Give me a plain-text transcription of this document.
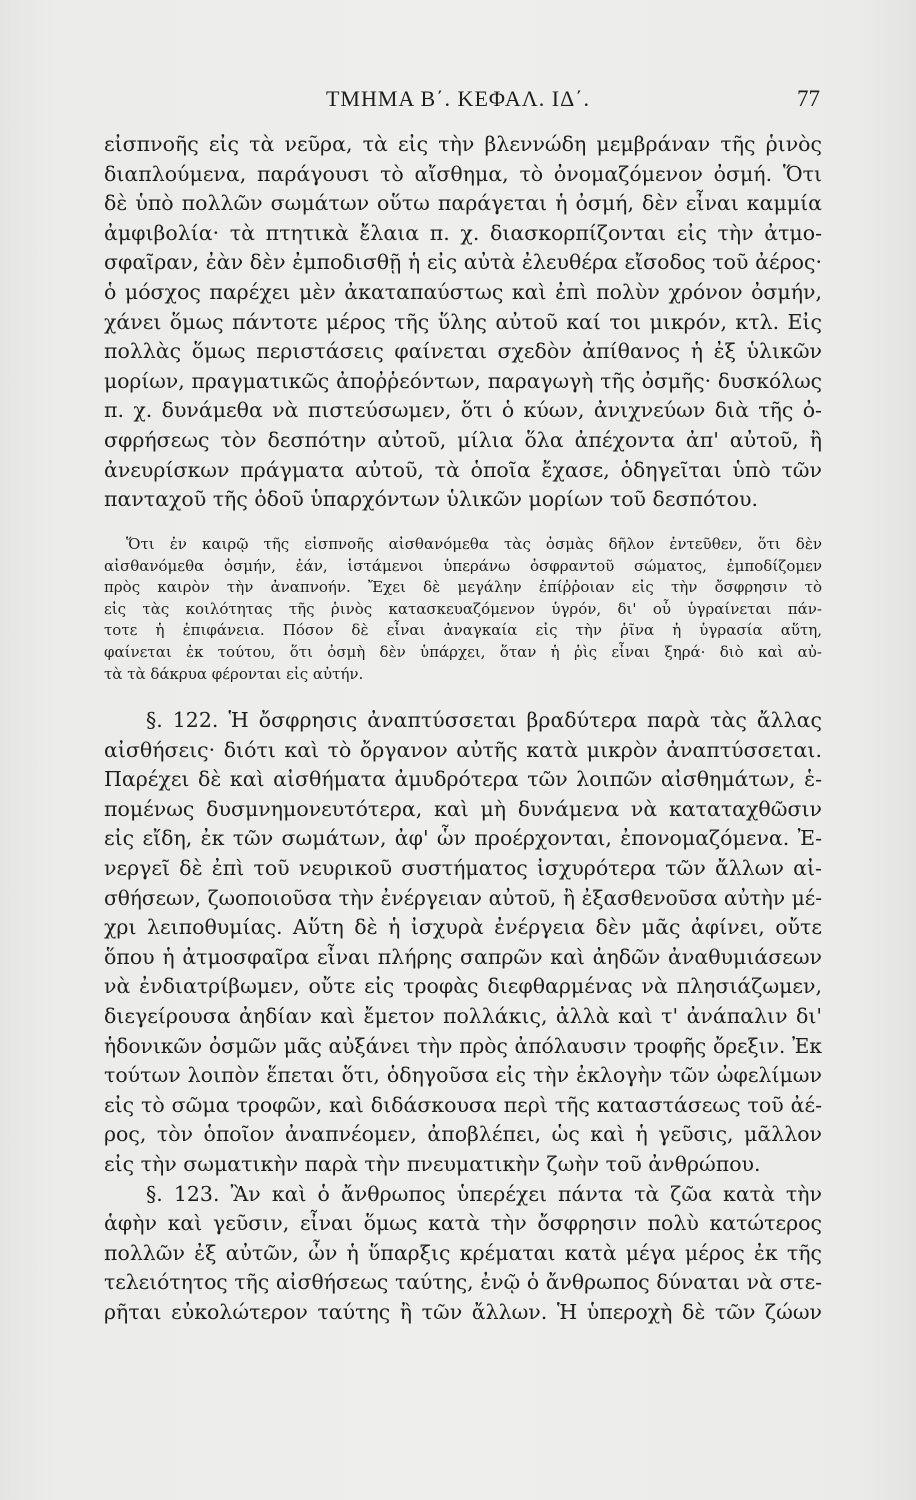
ΤΜΗΜΑ Β΄. ΚΕΦΑΛ. ΙΔ΄.	77
εἰσπνοῆς εἰς τὰ νεῦρα, τὰ εἰς τὴν βλεννώδη μεμβράναν τῆς ῥινὸς
διαπλούμενα, παράγουσι τὸ αἴσθημα, τὸ ὀνομαζόμενον ὀσμή. Ὅτι
δὲ ὑπὸ πολλῶν σωμάτων οὕτω παράγεται ἡ ὀσμή, δὲν εἶναι καμμία
ἀμφιβολία· τὰ πτητικὰ ἔλαια π. χ. διασκορπίζονται εἰς τὴν ἀτμο-
σφαῖραν, ἐὰν δὲν ἐμποδισθῇ ἡ εἰς αὐτὰ ἐλευθέρα εἴσοδος τοῦ ἀέρος·
ὁ μόσχος παρέχει μὲν ἀκαταπαύστως καὶ ἐπὶ πολὺν χρόνον ὀσμήν,
χάνει ὅμως πάντοτε μέρος τῆς ὕλης αὐτοῦ καί τοι μικρόν, κτλ. Εἰς
πολλὰς ὅμως περιστάσεις φαίνεται σχεδὸν ἀπίθανος ἡ ἐξ ὑλικῶν
μορίων, πραγματικῶς ἀποῤῥεόντων, παραγωγὴ τῆς ὀσμῆς· δυσκόλως
π. χ. δυνάμεθα νὰ πιστεύσωμεν, ὅτι ὁ κύων, ἀνιχνεύων διὰ τῆς ὀ-
σφρήσεως τὸν δεσπότην αὐτοῦ, μίλια ὅλα ἀπέχοντα ἀπ' αὐτοῦ, ἢ
ἀνευρίσκων πράγματα αὐτοῦ, τὰ ὁποῖα ἔχασε, ὁδηγεῖται ὑπὸ τῶν
πανταχοῦ τῆς ὁδοῦ ὑπαρχόντων ὑλικῶν μορίων τοῦ δεσπότου.
Ὅτι ἐν καιρῷ τῆς εἰσπνοῆς αἰσθανόμεθα τὰς ὀσμὰς δῆλον ἐντεῦθεν, ὅτι δὲν
αἰσθανόμεθα ὀσμήν, ἐάν, ἱστάμενοι ὑπεράνω ὀσφραντοῦ σώματος, ἐμποδίζομεν
πρὸς καιρὸν τὴν ἀναπνοήν. Ἔχει δὲ μεγάλην ἐπίῤῥοιαν εἰς τὴν ὄσφρησιν τὸ
εἰς τὰς κοιλότητας τῆς ῥινὸς κατασκευαζόμενον ὑγρόν, δι' οὗ ὑγραίνεται πάν-
τοτε ἡ ἐπιφάνεια. Πόσον δὲ εἶναι ἀναγκαία εἰς τὴν ῥῖνα ἡ ὑγρασία αὕτη,
φαίνεται ἐκ τούτου, ὅτι ὀσμὴ δὲν ὑπάρχει, ὅταν ἡ ῥὶς εἶναι ξηρά· διὸ καὶ αὐ-
τὰ τὰ δάκρυα φέρονται εἰς αὐτήν.
§. 122. Ἡ ὄσφρησις ἀναπτύσσεται βραδύτερα παρὰ τὰς ἄλλας
αἰσθήσεις· διότι καὶ τὸ ὄργανον αὐτῆς κατὰ μικρὸν ἀναπτύσσεται.
Παρέχει δὲ καὶ αἰσθήματα ἀμυδρότερα τῶν λοιπῶν αἰσθημάτων, ἑ-
πομένως δυσμνημονευτότερα, καὶ μὴ δυνάμενα νὰ καταταχθῶσιν
εἰς εἴδη, ἐκ τῶν σωμάτων, ἀφ' ὧν προέρχονται, ἐπονομαζόμενα. Ἐ-
νεργεῖ δὲ ἐπὶ τοῦ νευρικοῦ συστήματος ἰσχυρότερα τῶν ἄλλων αἰ-
σθήσεων, ζωοποιοῦσα τὴν ἐνέργειαν αὐτοῦ, ἢ ἐξασθενοῦσα αὐτὴν μέ-
χρι λειποθυμίας. Αὕτη δὲ ἡ ἰσχυρὰ ἐνέργεια δὲν μᾶς ἀφίνει, οὔτε
ὅπου ἡ ἀτμοσφαῖρα εἶναι πλήρης σαπρῶν καὶ ἀηδῶν ἀναθυμιάσεων
νὰ ἐνδιατρίβωμεν, οὔτε εἰς τροφὰς διεφθαρμένας νὰ πλησιάζωμεν,
διεγείρουσα ἀηδίαν καὶ ἔμετον πολλάκις, ἀλλὰ καὶ τ' ἀνάπαλιν δι'
ἡδονικῶν ὀσμῶν μᾶς αὐξάνει τὴν πρὸς ἀπόλαυσιν τροφῆς ὄρεξιν. Ἐκ
τούτων λοιπὸν ἕπεται ὅτι, ὁδηγοῦσα εἰς τὴν ἐκλογὴν τῶν ὠφελίμων
εἰς τὸ σῶμα τροφῶν, καὶ διδάσκουσα περὶ τῆς καταστάσεως τοῦ ἀέ-
ρος, τὸν ὁποῖον ἀναπνέομεν, ἀποβλέπει, ὡς καὶ ἡ γεῦσις, μᾶλλον
εἰς τὴν σωματικὴν παρὰ τὴν πνευματικὴν ζωὴν τοῦ ἀνθρώπου.
§. 123. Ἂν καὶ ὁ ἄνθρωπος ὑπερέχει πάντα τὰ ζῶα κατὰ τὴν
ἁφὴν καὶ γεῦσιν, εἶναι ὅμως κατὰ τὴν ὄσφρησιν πολὺ κατώτερος
πολλῶν ἐξ αὐτῶν, ὧν ἡ ὕπαρξις κρέμαται κατὰ μέγα μέρος ἐκ τῆς
τελειότητος τῆς αἰσθήσεως ταύτης, ἐνῷ ὁ ἄνθρωπος δύναται νὰ στε-
ρῆται εὐκολώτερον ταύτης ἢ τῶν ἄλλων. Ἡ ὑπεροχὴ δὲ τῶν ζώων
